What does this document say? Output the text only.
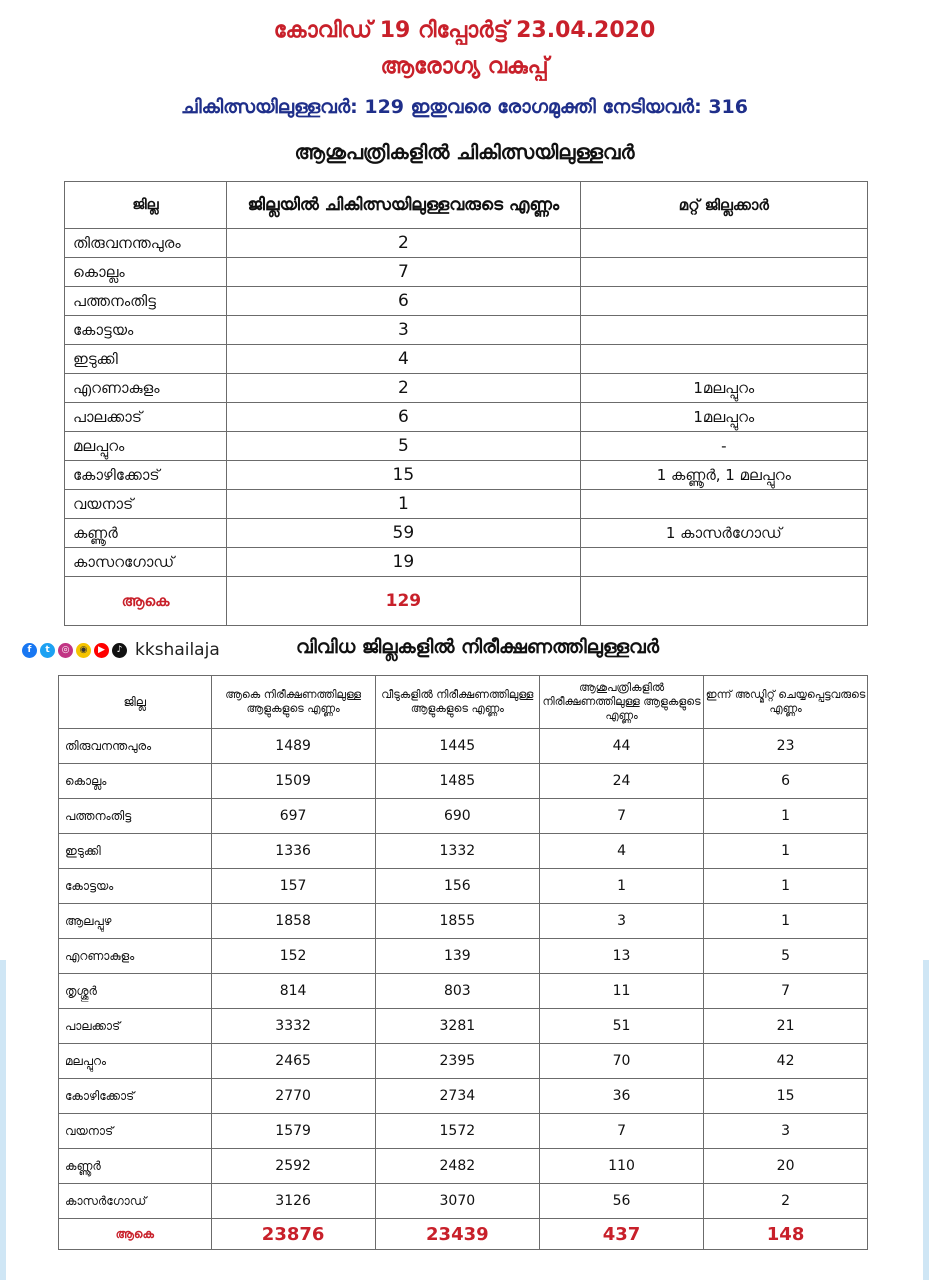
കോവിഡ് 19 റിപ്പോർട്ട് 23.04.2020
ആരോഗ്യ വകുപ്പ്
ചികിത്സയിലുള്ളവർ: 129 ഇതുവരെ രോഗമുക്തി നേടിയവർ: 316
ആശുപത്രികളിൽ ചികിത്സയിലുള്ളവർ
ജില്ല	ജില്ലയിൽ ചികിത്സയിലുള്ളവരുടെ എണ്ണം	മറ്റ് ജില്ലക്കാർ
തിരുവനന്തപുരം	2	
കൊല്ലം	7	
പത്തനംതിട്ട	6	
കോട്ടയം	3	
ഇടുക്കി	4	
എറണാകുളം	2	1മലപ്പുറം
പാലക്കാട്	6	1മലപ്പുറം
മലപ്പുറം	5	-
കോഴിക്കോട്	15	1 കണ്ണൂർ, 1 മലപ്പുറം
വയനാട്	1	
കണ്ണൂർ	59	1 കാസർഗോഡ്
കാസറഗോഡ്	19	
ആകെ	129	
f	t	◎	◉	▶	♪ kkshailaja	വിവിധ ജില്ലകളിൽ നിരീക്ഷണത്തിലുള്ളവർ
ജില്ല	ആകെ നിരീക്ഷണത്തിലുള്ള ആളുകളുടെ എണ്ണം	വീടുകളിൽ നിരീക്ഷണത്തിലുള്ള ആളുകളുടെ എണ്ണം	ആശുപത്രികളിൽ നിരീക്ഷണത്തിലുള്ള ആളുകളുടെ എണ്ണം	ഇന്ന് അഡ്മിറ്റ് ചെയ്യപ്പെട്ടവരുടെ എണ്ണം
തിരുവനന്തപുരം	1489	1445	44	23
കൊല്ലം	1509	1485	24	6
പത്തനംതിട്ട	697	690	7	1
ഇടുക്കി	1336	1332	4	1
കോട്ടയം	157	156	1	1
ആലപ്പുഴ	1858	1855	3	1
എറണാകുളം	152	139	13	5
തൃശ്ശൂർ	814	803	11	7
പാലക്കാട്	3332	3281	51	21
മലപ്പുറം	2465	2395	70	42
കോഴിക്കോട്	2770	2734	36	15
വയനാട്	1579	1572	7	3
കണ്ണൂർ	2592	2482	110	20
കാസർഗോഡ്	3126	3070	56	2
ആകെ	23876	23439	437	148
